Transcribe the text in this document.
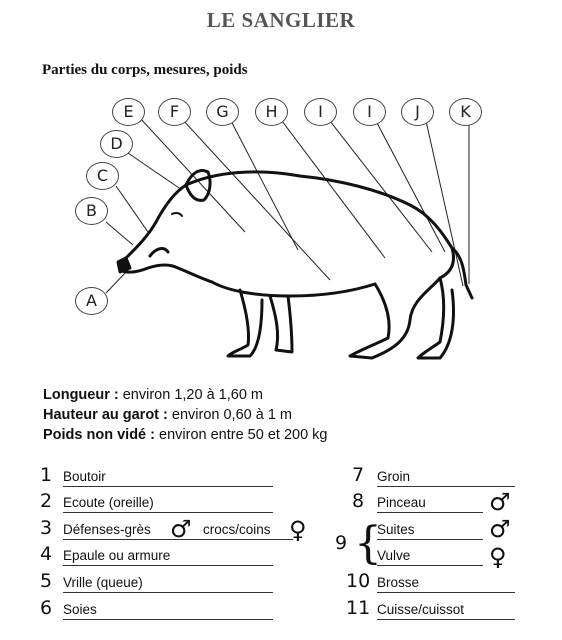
LE SANGLIER
Parties du corps, mesures, poids
A
B
C
D
E	F	G	H	I	I	J	K
Longueur : environ 1,20 à 1,60 m
Hauteur au garot : environ 0,60 à 1 m
Poids non vidé : environ entre 50 et 200 kg
1 Boutoir
2 Ecoute (oreille)
3 Défenses-grès ♂ crocs/coins ♀
4 Epaule ou armure
5 Vrille (queue)
6 Soies
7 Groin
8 Pinceau	♂
9 {
Suites	♂
Vulve	♀
10 Brosse
11 Cuisse/cuissot
